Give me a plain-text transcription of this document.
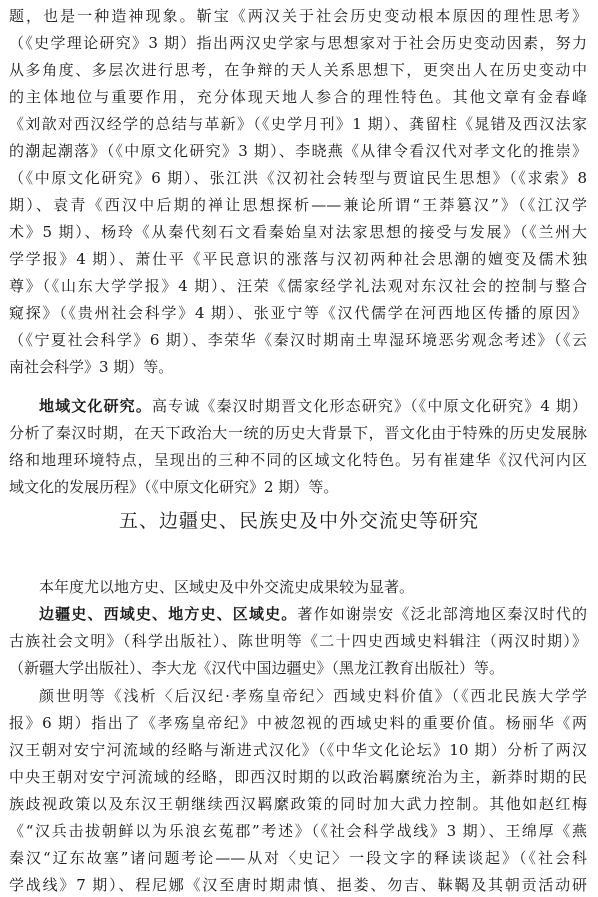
题，也是一种造神现象。靳宝《两汉关于社会历史变动根本原因的理性思考》
（《史学理论研究》3 期）指出两汉史学家与思想家对于社会历史变动因素，努力
从多角度、多层次进行思考，在争辩的天人关系思想下，更突出人在历史变动中
的主体地位与重要作用，充分体现天地人参合的理性特色。其他文章有金春峰
《刘歆对西汉经学的总结与革新》（《史学月刊》1 期）、龚留柱《晁错及西汉法家
的潮起潮落》（《中原文化研究》3 期）、李晓燕《从律令看汉代对孝文化的推崇》
（《中原文化研究》6 期）、张江洪《汉初社会转型与贾谊民生思想》（《求索》8
期）、袁青《西汉中后期的禅让思想探析——兼论所谓“王莽篡汉”》（《江汉学
术》5 期）、杨玲《从秦代刻石文看秦始皇对法家思想的接受与发展》（《兰州大
学学报》4 期）、萧仕平《平民意识的涨落与汉初两种社会思潮的嬗变及儒术独
尊》（《山东大学学报》4 期）、汪荣《儒家经学礼法观对东汉社会的控制与整合
窥探》（《贵州社会科学》4 期）、张亚宁等《汉代儒学在河西地区传播的原因》
（《宁夏社会科学》6 期）、李荣华《秦汉时期南土卑湿环境恶劣观念考述》（《云
南社会科学》3 期）等。
地域文化研究。高专诚《秦汉时期晋文化形态研究》（《中原文化研究》4 期）
分析了秦汉时期，在天下政治大一统的历史大背景下，晋文化由于特殊的历史发展脉
络和地理环境特点，呈现出的三种不同的区域文化特色。另有崔建华《汉代河内区
域文化的发展历程》（《中原文化研究》2 期）等。
本年度尤以地方史、区域史及中外交流史成果较为显著。
边疆史、西域史、地方史、区域史。著作如谢崇安《泛北部湾地区秦汉时代的
古族社会文明》（科学出版社）、陈世明等《二十四史西域史料辑注（两汉时期）》
（新疆大学出版社）、李大龙《汉代中国边疆史》（黑龙江教育出版社）等。
颜世明等《浅析〈后汉纪·孝殇皇帝纪〉西域史料价值》（《西北民族大学学
报》6 期）指出了《孝殇皇帝纪》中被忽视的西域史料的重要价值。杨丽华《两
汉王朝对安宁河流域的经略与渐进式汉化》（《中华文化论坛》10 期）分析了两汉
中央王朝对安宁河流域的经略，即西汉时期的以政治羁縻统治为主，新莽时期的民
族歧视政策以及东汉王朝继续西汉羁縻政策的同时加大武力控制。其他如赵红梅
《“汉兵击拔朝鲜以为乐浪玄菟郡”考述》（《社会科学战线》3 期）、王绵厚《燕
秦汉“辽东故塞”诸问题考论——从对〈史记〉一段文字的释读谈起》（《社会科
学战线》7 期）、程尼娜《汉至唐时期肃慎、挹娄、勿吉、靺鞨及其朝贡活动研
五、边疆史、民族史及中外交流史等研究
